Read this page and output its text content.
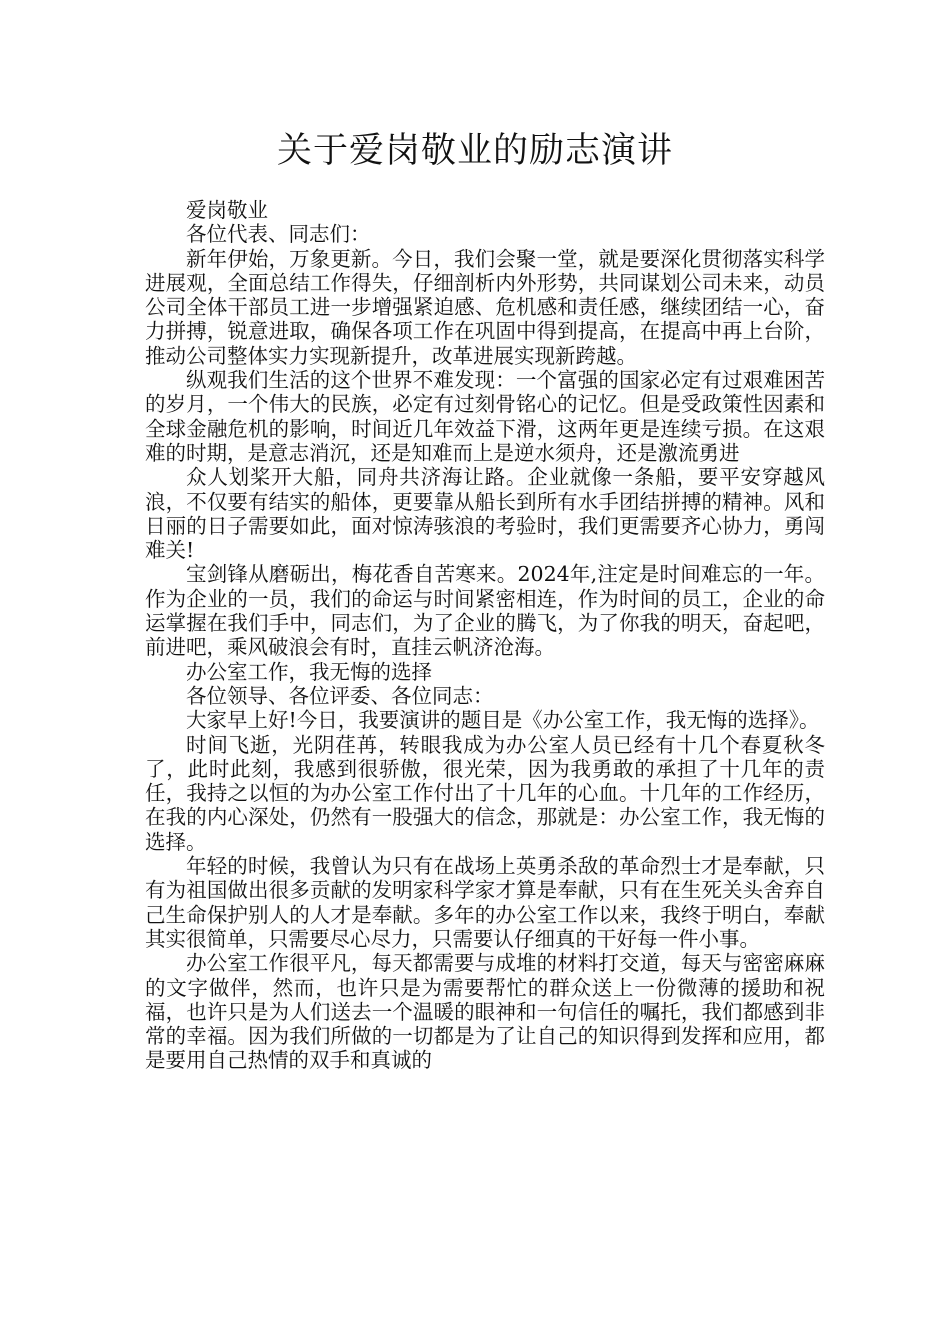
关于爱岗敬业的励志演讲

爱岗敬业

各位代表、同志们：

新年伊始，万象更新。今日，我们会聚一堂，就是要深化贯彻落实科学进展观，全面总结工作得失，仔细剖析内外形势，共同谋划公司未来，动员公司全体干部员工进一步增强紧迫感、危机感和责任感，继续团结一心，奋力拼搏，锐意进取，确保各项工作在巩固中得到提高，在提高中再上台阶，推动公司整体实力实现新提升，改革进展实现新跨越。

纵观我们生活的这个世界不难发现：一个富强的国家必定有过艰难困苦的岁月，一个伟大的民族，必定有过刻骨铭心的记忆。但是受政策性因素和全球金融危机的影响，时间近几年效益下滑，这两年更是连续亏损。在这艰难的时期，是意志消沉，还是知难而上是逆水须舟，还是激流勇进

众人划桨开大船，同舟共济海让路。企业就像一条船，要平安穿越风浪，不仅要有结实的船体，更要靠从船长到所有水手团结拼搏的精神。风和日丽的日子需要如此，面对惊涛骇浪的考验时，我们更需要齐心协力，勇闯难关!

宝剑锋从磨砺出，梅花香自苦寒来。2024年,注定是时间难忘的一年。作为企业的一员，我们的命运与时间紧密相连，作为时间的员工，企业的命运掌握在我们手中，同志们，为了企业的腾飞，为了你我的明天，奋起吧，前进吧，乘风破浪会有时，直挂云帆济沧海。

办公室工作，我无悔的选择

各位领导、各位评委、各位同志：

大家早上好!今日，我要演讲的题目是《办公室工作，我无悔的选择》。

时间飞逝，光阴荏苒，转眼我成为办公室人员已经有十几个春夏秋冬了，此时此刻，我感到很骄傲，很光荣，因为我勇敢的承担了十几年的责任，我持之以恒的为办公室工作付出了十几年的心血。十几年的工作经历，在我的内心深处，仍然有一股强大的信念，那就是：办公室工作，我无悔的选择。

年轻的时候，我曾认为只有在战场上英勇杀敌的革命烈士才是奉献，只有为祖国做出很多贡献的发明家科学家才算是奉献，只有在生死关头舍弃自己生命保护别人的人才是奉献。多年的办公室工作以来，我终于明白，奉献其实很简单，只需要尽心尽力，只需要认仔细真的干好每一件小事。

办公室工作很平凡，每天都需要与成堆的材料打交道，每天与密密麻麻的文字做伴，然而，也许只是为需要帮忙的群众送上一份微薄的援助和祝福，也许只是为人们送去一个温暖的眼神和一句信任的嘱托，我们都感到非常的幸福。因为我们所做的一切都是为了让自己的知识得到发挥和应用，都是要用自己热情的双手和真诚的
